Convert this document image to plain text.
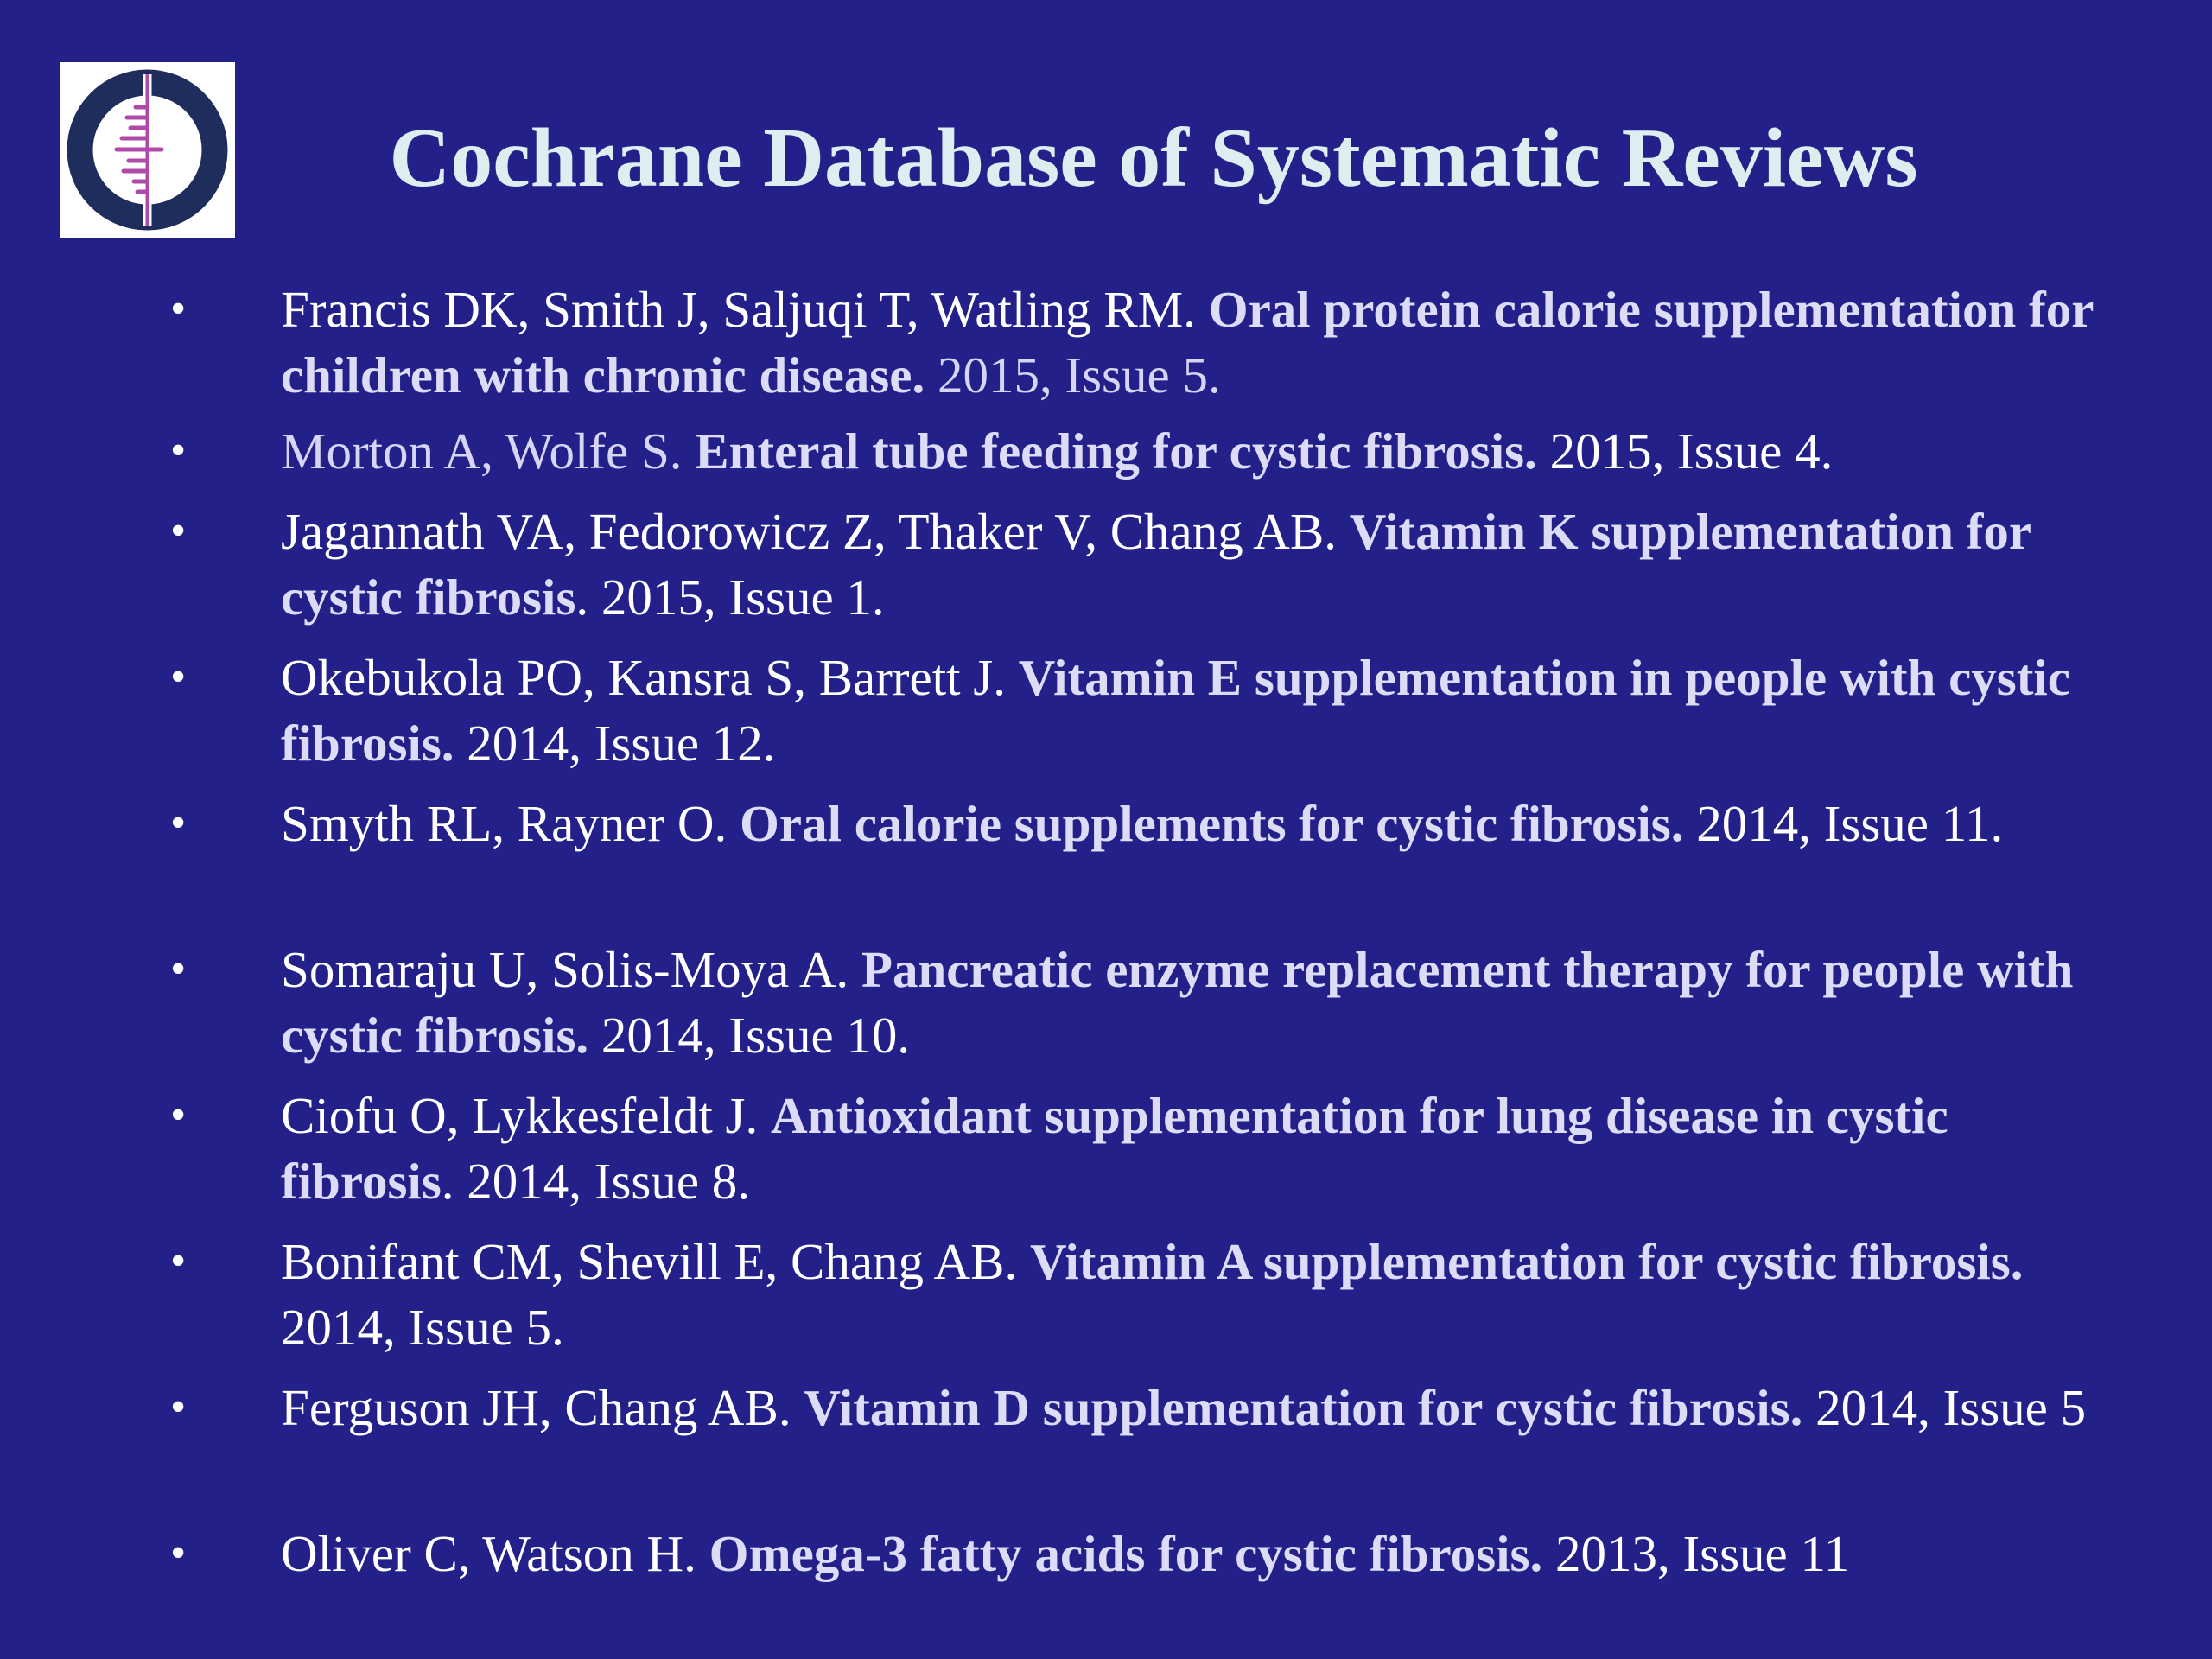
Cochrane Database of Systematic Reviews
•	Francis DK, Smith J, Saljuqi T, Watling RM. Oral protein calorie supplementation for children with chronic disease. 2015, Issue 5.
•	Morton A, Wolfe S. Enteral tube feeding for cystic fibrosis. 2015, Issue 4.
•	Jagannath VA, Fedorowicz Z, Thaker V, Chang AB. Vitamin K supplementation for cystic fibrosis. 2015, Issue 1.
•	Okebukola PO, Kansra S, Barrett J. Vitamin E supplementation in people with cystic fibrosis. 2014, Issue 12.
•	Smyth RL, Rayner O. Oral calorie supplements for cystic fibrosis. 2014, Issue 11.
•	Somaraju U, Solis-Moya A. Pancreatic enzyme replacement therapy for people with cystic fibrosis. 2014, Issue 10.
•	Ciofu O, Lykkesfeldt J. Antioxidant supplementation for lung disease in cystic fibrosis. 2014, Issue 8.
•	Bonifant CM, Shevill E, Chang AB. Vitamin A supplementation for cystic fibrosis. 2014, Issue 5.
•	Ferguson JH, Chang AB. Vitamin D supplementation for cystic fibrosis. 2014, Issue 5
•	Oliver C, Watson H. Omega-3 fatty acids for cystic fibrosis. 2013, Issue 11
